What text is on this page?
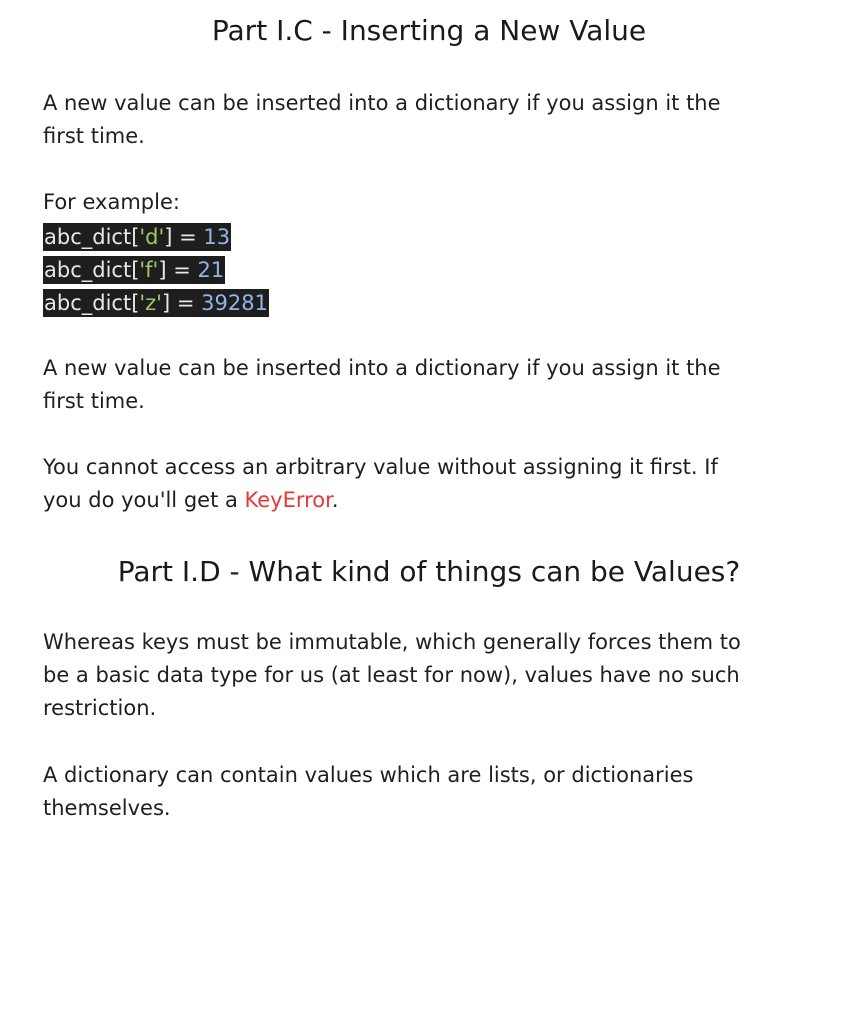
Part I.C - Inserting a New Value

A new value can be inserted into a dictionary if you assign it the
first time.

For example:

abc_dict['d'] = 13
abc_dict['f'] = 21
abc_dict['z'] = 39281

A new value can be inserted into a dictionary if you assign it the
first time.

You cannot access an arbitrary value without assigning it first. If
you do you'll get a KeyError.

Part I.D - What kind of things can be Values?

Whereas keys must be immutable, which generally forces them to
be a basic data type for us (at least for now), values have no such
restriction.

A dictionary can contain values which are lists, or dictionaries
themselves.
